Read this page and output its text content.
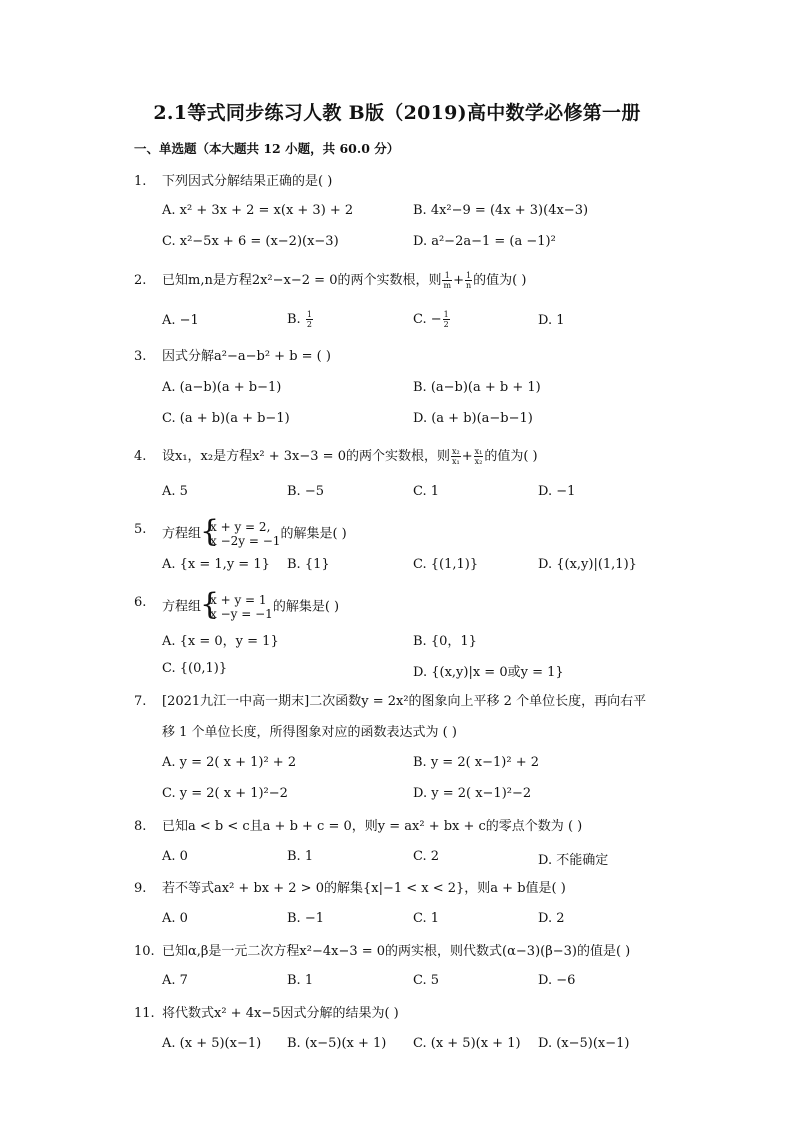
2.1等式同步练习人教 B版（2019)高中数学必修第一册
一、单选题（本大题共 12 小题，共 60.0 分）
1.	下列因式分解结果正确的是( )
A. x² + 3x + 2 = x(x + 3) + 2	B. 4x²−9 = (4x + 3)(4x−3)
C. x²−5x + 6 = (x−2)(x−3)	D. a²−2a−1 = (a −1)²
2.	已知m,n是方程2x²−x−2 = 0的两个实数根，则 $\frac{1}{m} + \frac{1}{n}$ 的值为( )
A. −1	B. $\frac{1}{2}$	C. − $\frac{1}{2}$	D. 1
3.	因式分解a²−a−b² + b = ( )
A. (a−b)(a + b−1)	B. (a−b)(a + b + 1)
C. (a + b)(a + b−1)	D. (a + b)(a−b−1)
4.	设x₁，x₂是方程x² + 3x−3 = 0的两个实数根，则 $\frac{\text{x₂}}{\text{x₁}} + \frac{\text{x₁}}{\text{x₂}}$ 的值为( )
A. 5	B. −5	C. 1	D. −1
5.	方程组 { x + y = 2,
x −2y = −1 的解集是( )
A. {x = 1,y = 1} B. {1}	C. {(1,1)}	D. {(x,y)|(1,1)}
6.	方程组 { x + y = 1
x −y = −1 的解集是( )
A. {x = 0，y = 1}	B. {0，1}
C. {(0,1)}	D. {(x,y)|x = 0或y = 1}
7.	[2021九江一中高一期末]二次函数y = 2x²的图象向上平移 2 个单位长度，再向右平
移 1 个单位长度，所得图象对应的函数表达式为 ( )
A. y = 2( x + 1)² + 2	B. y = 2( x−1)² + 2
C. y = 2( x + 1)²−2	D. y = 2( x−1)²−2
8.	已知a < b < c且a + b + c = 0，则y = ax² + bx + c的零点个数为 ( )
A. 0	B. 1	C. 2	D. 不能确定
9.	若不等式ax² + bx + 2 > 0的解集{x|−1 < x < 2}，则a + b值是( )
A. 0	B. −1	C. 1	D. 2
10. 已知α,β是一元二次方程x²−4x−3 = 0的两实根，则代数式(α−3)(β−3)的值是( )
A. 7	B. 1	C. 5	D. −6
11. 将代数式x² + 4x−5因式分解的结果为( )
A. (x + 5)(x−1) B. (x−5)(x + 1) C. (x + 5)(x + 1) D. (x−5)(x−1)
